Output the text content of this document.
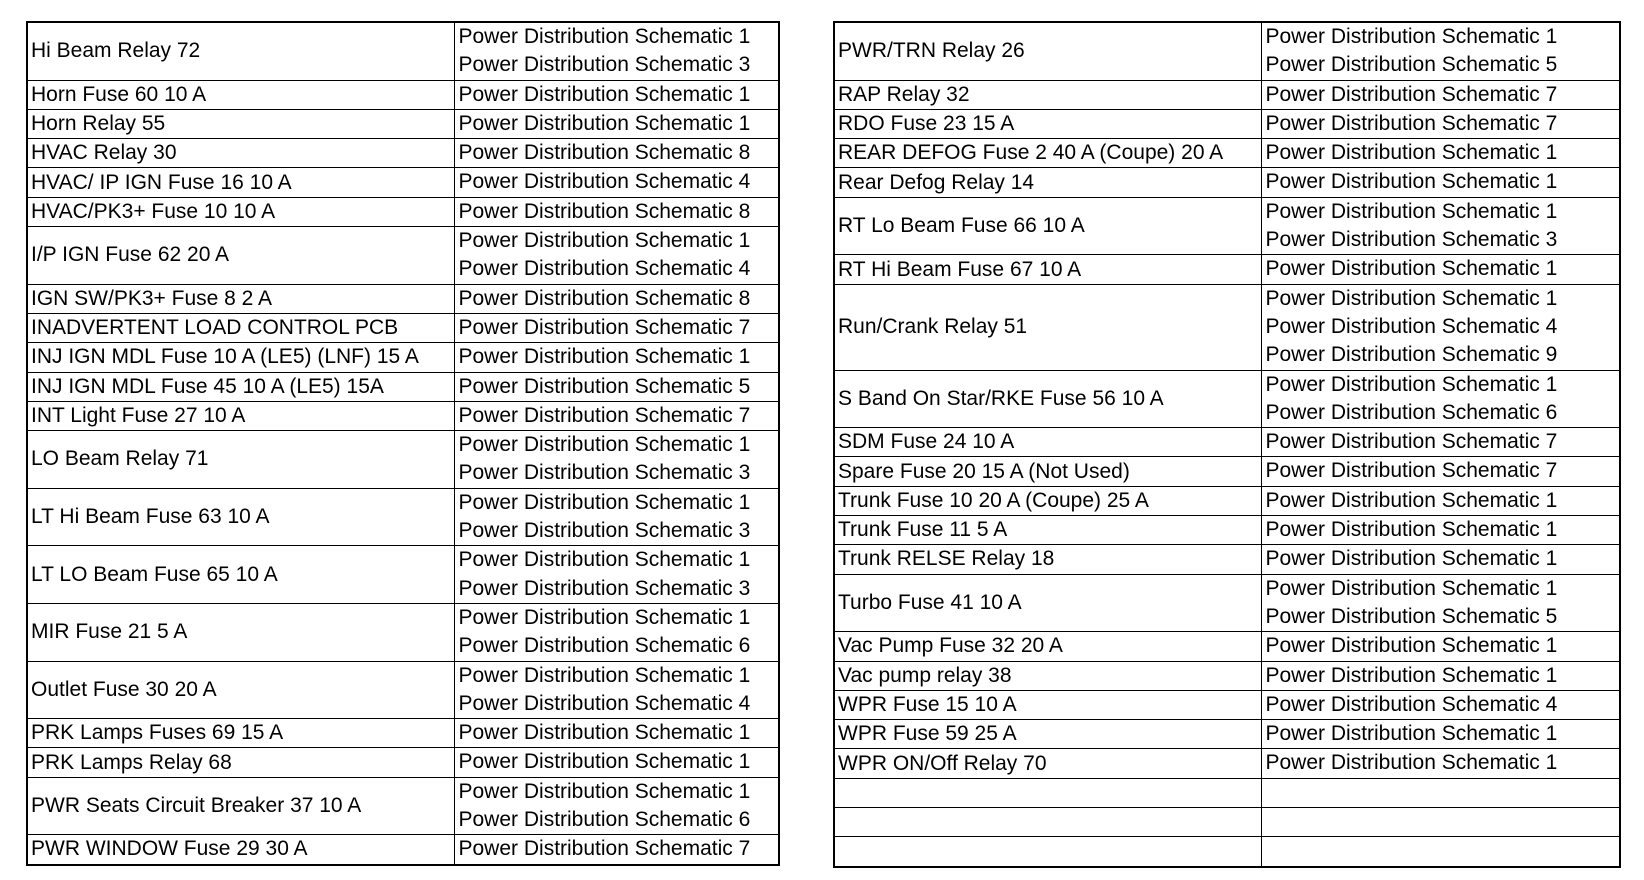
Hi Beam Relay 72	Power Distribution Schematic 1
Power Distribution Schematic 3

Horn Fuse 60 10 A	Power Distribution Schematic 1

Horn Relay 55	Power Distribution Schematic 1

HVAC Relay 30	Power Distribution Schematic 8

HVAC/ IP IGN Fuse 16 10 A	Power Distribution Schematic 4

HVAC/PK3+ Fuse 10 10 A	Power Distribution Schematic 8

I/P IGN Fuse 62 20 A	Power Distribution Schematic 1
Power Distribution Schematic 4

IGN SW/PK3+ Fuse 8 2 A	Power Distribution Schematic 8

INADVERTENT LOAD CONTROL PCB	Power Distribution Schematic 7

INJ IGN MDL Fuse 10 A (LE5) (LNF) 15 A	Power Distribution Schematic 1

INJ IGN MDL Fuse 45 10 A (LE5) 15A	Power Distribution Schematic 5

INT Light Fuse 27 10 A	Power Distribution Schematic 7

LO Beam Relay 71	Power Distribution Schematic 1
Power Distribution Schematic 3

LT Hi Beam Fuse 63 10 A	Power Distribution Schematic 1
Power Distribution Schematic 3

LT LO Beam Fuse 65 10 A	Power Distribution Schematic 1
Power Distribution Schematic 3

MIR Fuse 21 5 A	Power Distribution Schematic 1
Power Distribution Schematic 6

Outlet Fuse 30 20 A	Power Distribution Schematic 1
Power Distribution Schematic 4

PRK Lamps Fuses 69 15 A	Power Distribution Schematic 1

PRK Lamps Relay 68	Power Distribution Schematic 1

PWR Seats Circuit Breaker 37 10 A	Power Distribution Schematic 1
Power Distribution Schematic 6

PWR WINDOW Fuse 29 30 A	Power Distribution Schematic 7
PWR/TRN Relay 26	Power Distribution Schematic 1
Power Distribution Schematic 5

RAP Relay 32	Power Distribution Schematic 7

RDO Fuse 23 15 A	Power Distribution Schematic 7

REAR DEFOG Fuse 2 40 A (Coupe) 20 A	Power Distribution Schematic 1

Rear Defog Relay 14	Power Distribution Schematic 1

RT Lo Beam Fuse 66 10 A	Power Distribution Schematic 1
Power Distribution Schematic 3

RT Hi Beam Fuse 67 10 A	Power Distribution Schematic 1

Run/Crank Relay 51	Power Distribution Schematic 1
Power Distribution Schematic 4
Power Distribution Schematic 9

S Band On Star/RKE Fuse 56 10 A	Power Distribution Schematic 1
Power Distribution Schematic 6

SDM Fuse 24 10 A	Power Distribution Schematic 7

Spare Fuse 20 15 A (Not Used)	Power Distribution Schematic 7

Trunk Fuse 10 20 A (Coupe) 25 A	Power Distribution Schematic 1

Trunk Fuse 11 5 A	Power Distribution Schematic 1

Trunk RELSE Relay 18	Power Distribution Schematic 1

Turbo Fuse 41 10 A	Power Distribution Schematic 1
Power Distribution Schematic 5

Vac Pump Fuse 32 20 A	Power Distribution Schematic 1

Vac pump relay 38	Power Distribution Schematic 1

WPR Fuse 15 10 A	Power Distribution Schematic 4

WPR Fuse 59 25 A	Power Distribution Schematic 1

WPR ON/Off Relay 70	Power Distribution Schematic 1
